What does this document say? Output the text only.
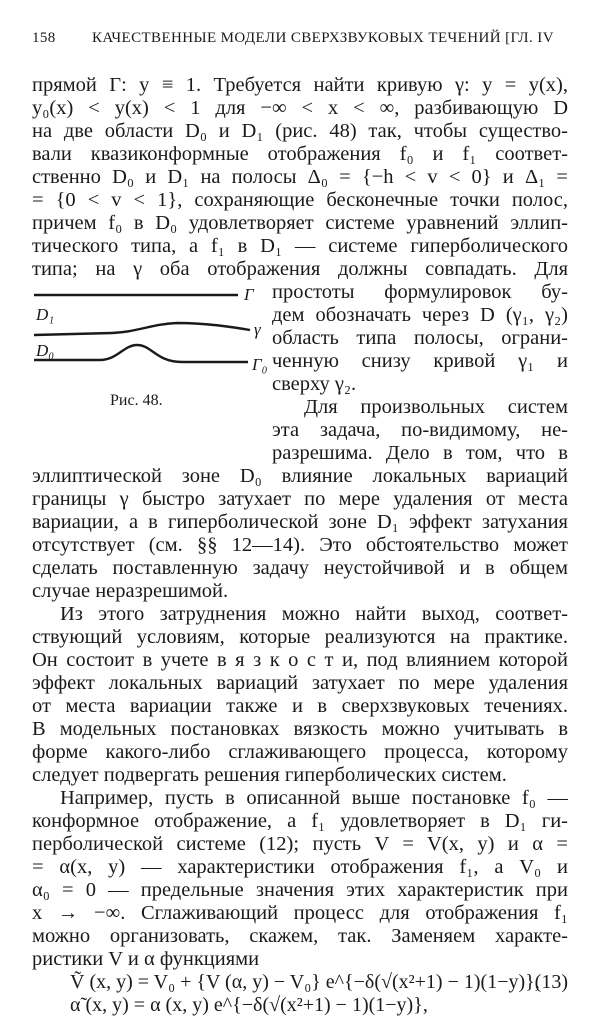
158 КАЧЕСТВЕННЫЕ МОДЕЛИ СВЕРХЗВУКОВЫХ ТЕЧЕНИЙ [ГЛ. IV
прямой Г: y ≡ 1. Требуется найти кривую γ: y = y(x),
y₀(x) < y(x) < 1 для −∞ < x < ∞, разбивающую D
на две области D₀ и D₁ (рис. 48) так, чтобы существо-
вали квазиконформные отображения f₀ и f₁ соответ-
ственно D₀ и D₁ на полосы Δ₀ = {−h < v < 0} и Δ₁ =
= {0 < v < 1}, сохраняющие бесконечные точки полос,
причем f₀ в D₀ удовлетворяет системе уравнений эллип-
тического типа, а f₁ в D₁ — системе гиперболического
типа; на γ оба отображения должны совпадать. Для
простоты формулировок бу-
дем обозначать через D (γ₁, γ₂)
область типа полосы, ограни-
ченную снизу кривой γ₁ и
сверху γ₂.
Для произвольных систем
эта задача, по-видимому, не-
разрешима. Дело в том, что в
Г
D₁
γ
D₀
Г₀
Рис. 48.
эллиптической зоне D₀ влияние локальных вариаций
границы γ быстро затухает по мере удаления от места
вариации, а в гиперболической зоне D₁ эффект затухания
отсутствует (см. §§ 12—14). Это обстоятельство может
сделать поставленную задачу неустойчивой и в общем
случае неразрешимой.
Из этого затруднения можно найти выход, соответ-
ствующий условиям, которые реализуются на практике.
Он состоит в учете в я з к о с т и, под влиянием которой
эффект локальных вариаций затухает по мере удаления
от места вариации также и в сверхзвуковых течениях.
В модельных постановках вязкость можно учитывать в
форме какого-либо сглаживающего процесса, которому
следует подвергать решения гиперболических систем.
Например, пусть в описанной выше постановке f₀ —
конформное отображение, а f₁ удовлетворяет в D₁ ги-
перболической системе (12); пусть V = V(x, y) и α =
= α(x, y) — характеристики отображения f₁, а V₀ и
α₀ = 0 — предельные значения этих характеристик при
x → −∞. Сглаживающий процесс для отображения f₁
можно организовать, скажем, так. Заменяем характе-
ристики V и α функциями
Ṽ (x, y) = V₀ + {V (α, y) − V₀} e^{−δ(√(x²+1) − 1)(1−y)},
α̃ (x, y) = α (x, y) e^{−δ(√(x²+1) − 1)(1−y)},
(13)
